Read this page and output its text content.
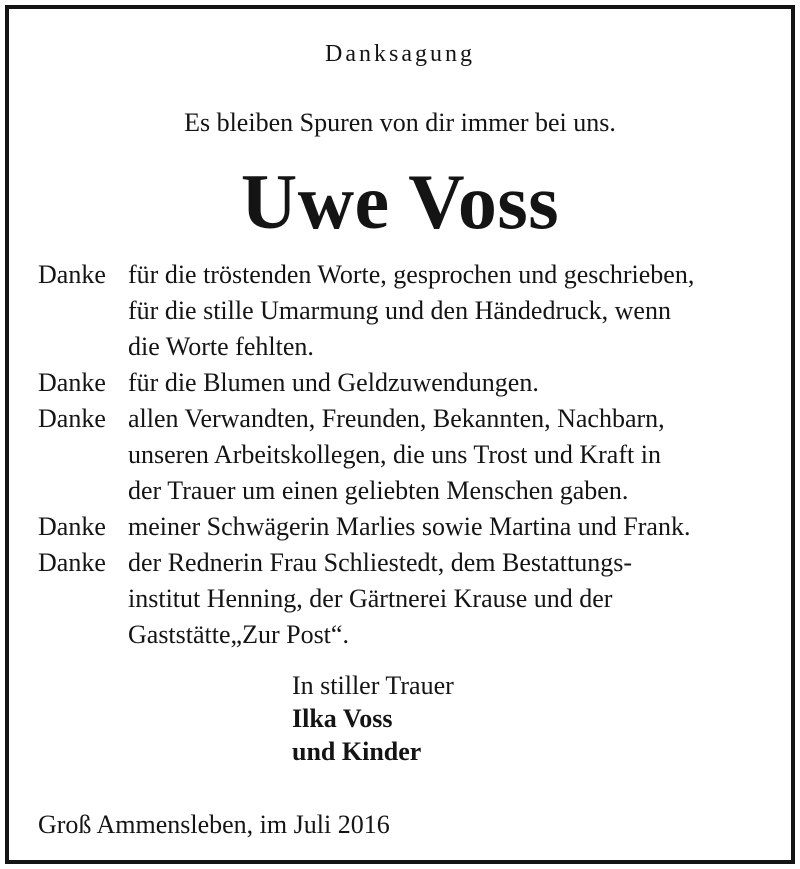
Danksagung
Es bleiben Spuren von dir immer bei uns.
Uwe Voss
Danke für die tröstenden Worte, gesprochen und geschrieben,
für die stille Umarmung und den Händedruck, wenn
die Worte fehlten.
Danke für die Blumen und Geldzuwendungen.
Danke allen Verwandten, Freunden, Bekannten, Nachbarn,
unseren Arbeitskollegen, die uns Trost und Kraft in
der Trauer um einen geliebten Menschen gaben.
Danke meiner Schwägerin Marlies sowie Martina und Frank.
Danke der Rednerin Frau Schliestedt, dem Bestattungs-
institut Henning, der Gärtnerei Krause und der
Gaststätte„Zur Post“.
In stiller Trauer
Ilka Voss
und Kinder
Groß Ammensleben, im Juli 2016
